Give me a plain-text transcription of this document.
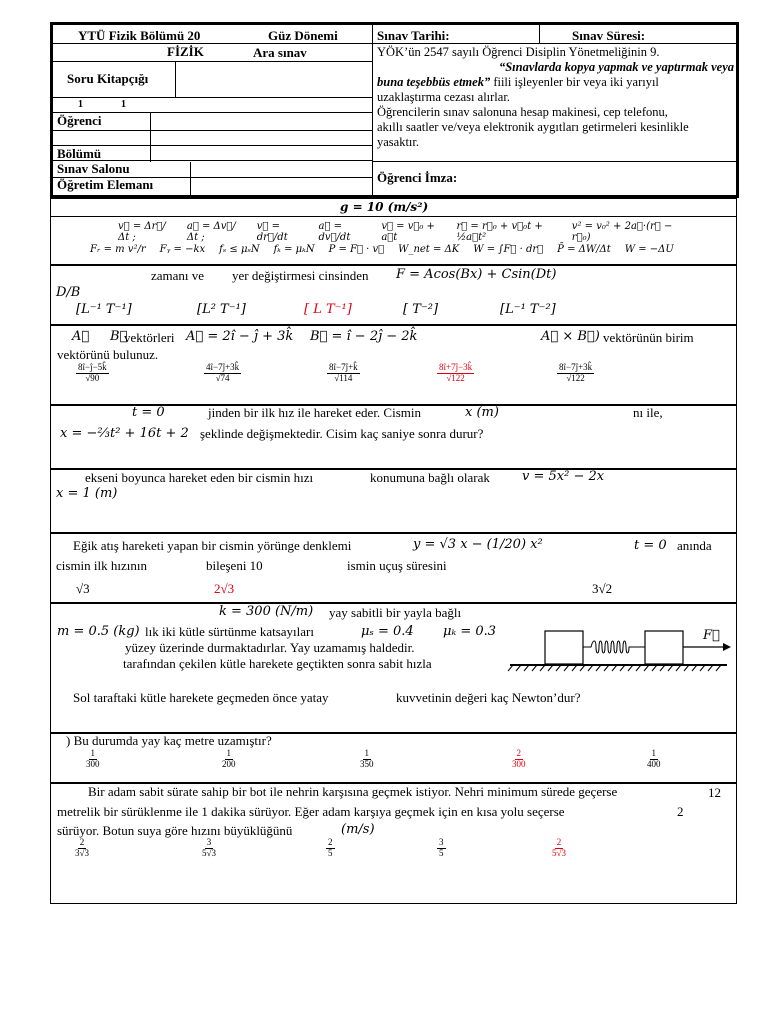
YTÜ Fizik Bölümü 20	Güz Dönemi
FİZİK	Ara sınav
Soru Kitapçığı
1	1
Öğrenci
Bölümü
Sınav Salonu
Öğretim Elemanı
Sınav Tarihi:	Sınav Süresi:
YÖK’ün 2547 sayılı Öğrenci Disiplin Yönetmeliğinin 9.
“Sınavlarda kopya yapmak ve yaptırmak veya
buna teşebbüs etmek” fiili işleyenler bir veya iki yarıyıl
uzaklaştırma cezası alırlar.
Öğrencilerin sınav salonuna hesap makinesi, cep telefonu,
akıllı saatler ve/veya elektronik aygıtları getirmeleri kesinlikle
yasaktır.
Öğrenci İmza:
g = 10 (m/s²)
v⃗ = Δr⃗/Δt ;
a⃗ = Δv⃗/Δt ;
v⃗ = dr⃗/dt
a⃗ = dv⃗/dt
v⃗ = v⃗₀ + a⃗t
r⃗ = r⃗₀ + v⃗₀t + ½a⃗t²
v² = v₀² + 2a⃗·(r⃗ − r⃗₀)
Fᵣ = m v²/r Fᵧ = −kx fₛ ≤ μₛN fₖ = μₖN P = F⃗ · v⃗ W_net = ΔK W = ∫F⃗ · dr⃗ P̄ = ΔW/Δt W = −ΔU
zamanı ve yer değiştirmesi cinsinden F = Acos(Bx) + Csin(Dt)
D/B
[L⁻¹ T⁻¹]	[L² T⁻¹]	[ L T⁻¹]	[ T⁻²]	[L⁻¹ T⁻²]
A⃗ B⃗
vektörleri A⃗ = 2î − ĵ + 3k̂ B⃗ = î − 2ĵ − 2k̂	A⃗ × B⃗) vektörünün birim
vektörünü bulunuz.
$\frac{8î-ĵ-5k̂}{√90}$	$\frac{4î-7ĵ+3k̂}{√74}$	$\frac{8î-7ĵ+k̂}{√114}$	$\frac{8î+7ĵ-3k̂}{√122}$	$\frac{8î-7ĵ+3k̂}{√122}$
t = 0	jinden bir ilk hız ile hareket eder. Cismin	x (m)	nı ile,
x = −⅔t² + 16t + 2 şeklinde değişmektedir. Cisim kaç saniye sonra durur?
ekseni boyunca hareket eden bir cismin hızı	konumuna bağlı olarak v = 5x² − 2x
x = 1 (m)
Eğik atış hareketi yapan bir cismin yörünge denklemi	y = √3 x − (1/20) x²	t = 0 anında
cismin ilk hızının	bileşeni 10	ismin uçuş süresini
√3	2√3	3√2
k = 300 (N/m) yay sabitli bir yayla bağlı
m = 0.5 (kg) lık iki kütle sürtünme katsayıları	μₛ = 0.4 μₖ = 0.3
yüzey üzerinde durmaktadırlar. Yay uzamamış haldedir.
tarafından çekilen kütle harekete geçtikten sonra sabit hızla
Sol taraftaki kütle harekete geçmeden önce yatay	kuvvetinin değeri kaç Newton’dur?
F⃗
) Bu durumda yay kaç metre uzamıştır?
$\frac{1}{300}$	$\frac{1}{200}$	$\frac{1}{350}$	$\frac{2}{300}$	$\frac{1}{400}$
Bir adam sabit sürate sahip bir bot ile nehrin karşısına geçmek istiyor. Nehri minimum sürede geçerse	12
metrelik bir sürüklenme ile 1 dakika sürüyor. Eğer adam karşıya geçmek için en kısa yolu seçerse	2
sürüyor. Botun suya göre hızını büyüklüğünü	(m/s)
$\frac{2}{3√3}$	$\frac{3}{5√3}$	$\frac{2}{5}$	$\frac{3}{5}$	$\frac{2}{5√3}$
